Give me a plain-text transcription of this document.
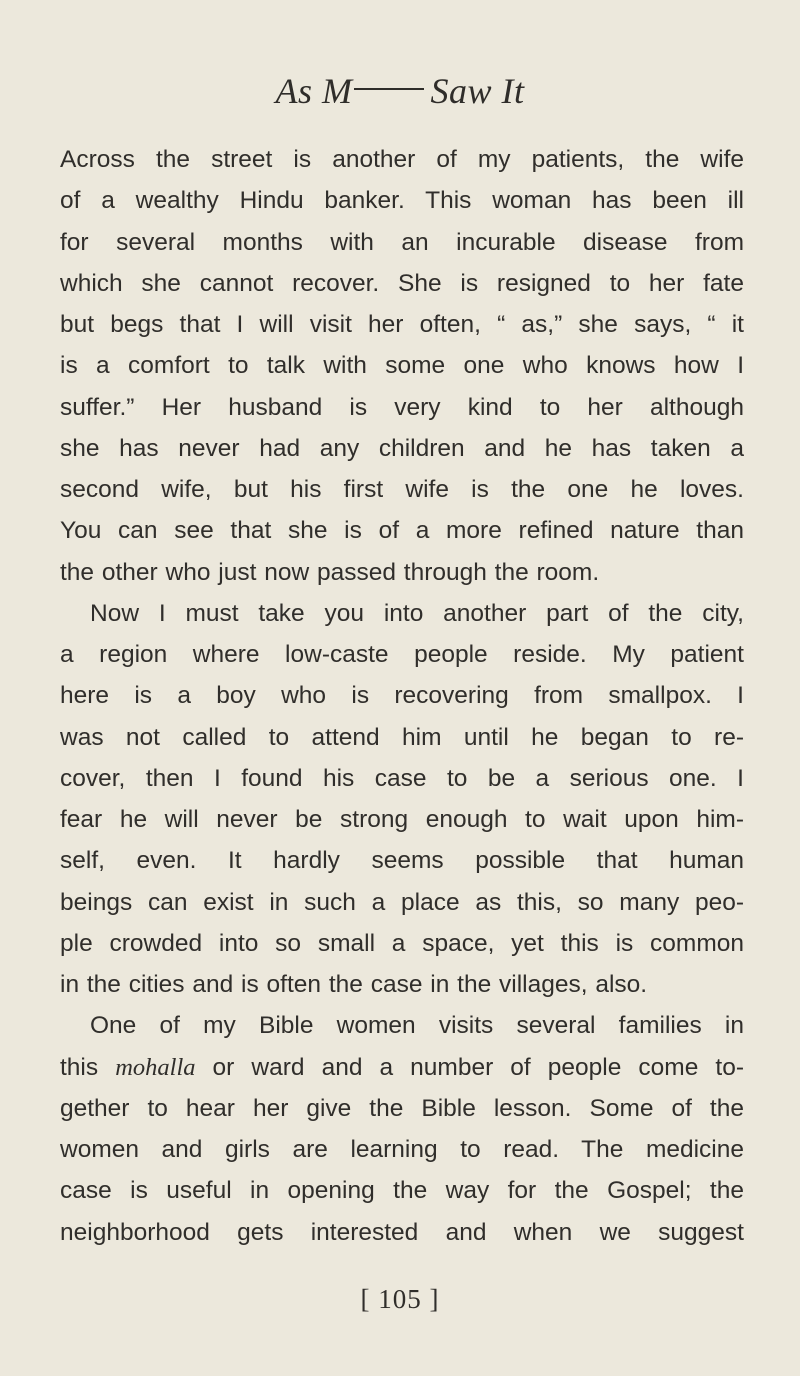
As M Saw It
Across the street is another of my patients, the wife
of a wealthy Hindu banker. This woman has been ill
for several months with an incurable disease from
which she cannot recover. She is resigned to her fate
but begs that I will visit her often, “ as,” she says, “ it
is a comfort to talk with some one who knows how I
suffer.” Her husband is very kind to her although
she has never had any children and he has taken a
second wife, but his first wife is the one he loves.
You can see that she is of a more refined nature than
the other who just now passed through the room.
Now I must take you into another part of the city,
a region where low-caste people reside. My patient
here is a boy who is recovering from smallpox. I
was not called to attend him until he began to re-
cover, then I found his case to be a serious one. I
fear he will never be strong enough to wait upon him-
self, even. It hardly seems possible that human
beings can exist in such a place as this, so many peo-
ple crowded into so small a space, yet this is common
in the cities and is often the case in the villages, also.
One of my Bible women visits several families in
this mohalla or ward and a number of people come to-
gether to hear her give the Bible lesson. Some of the
women and girls are learning to read. The medicine
case is useful in opening the way for the Gospel; the
neighborhood gets interested and when we suggest
[ 105 ]
